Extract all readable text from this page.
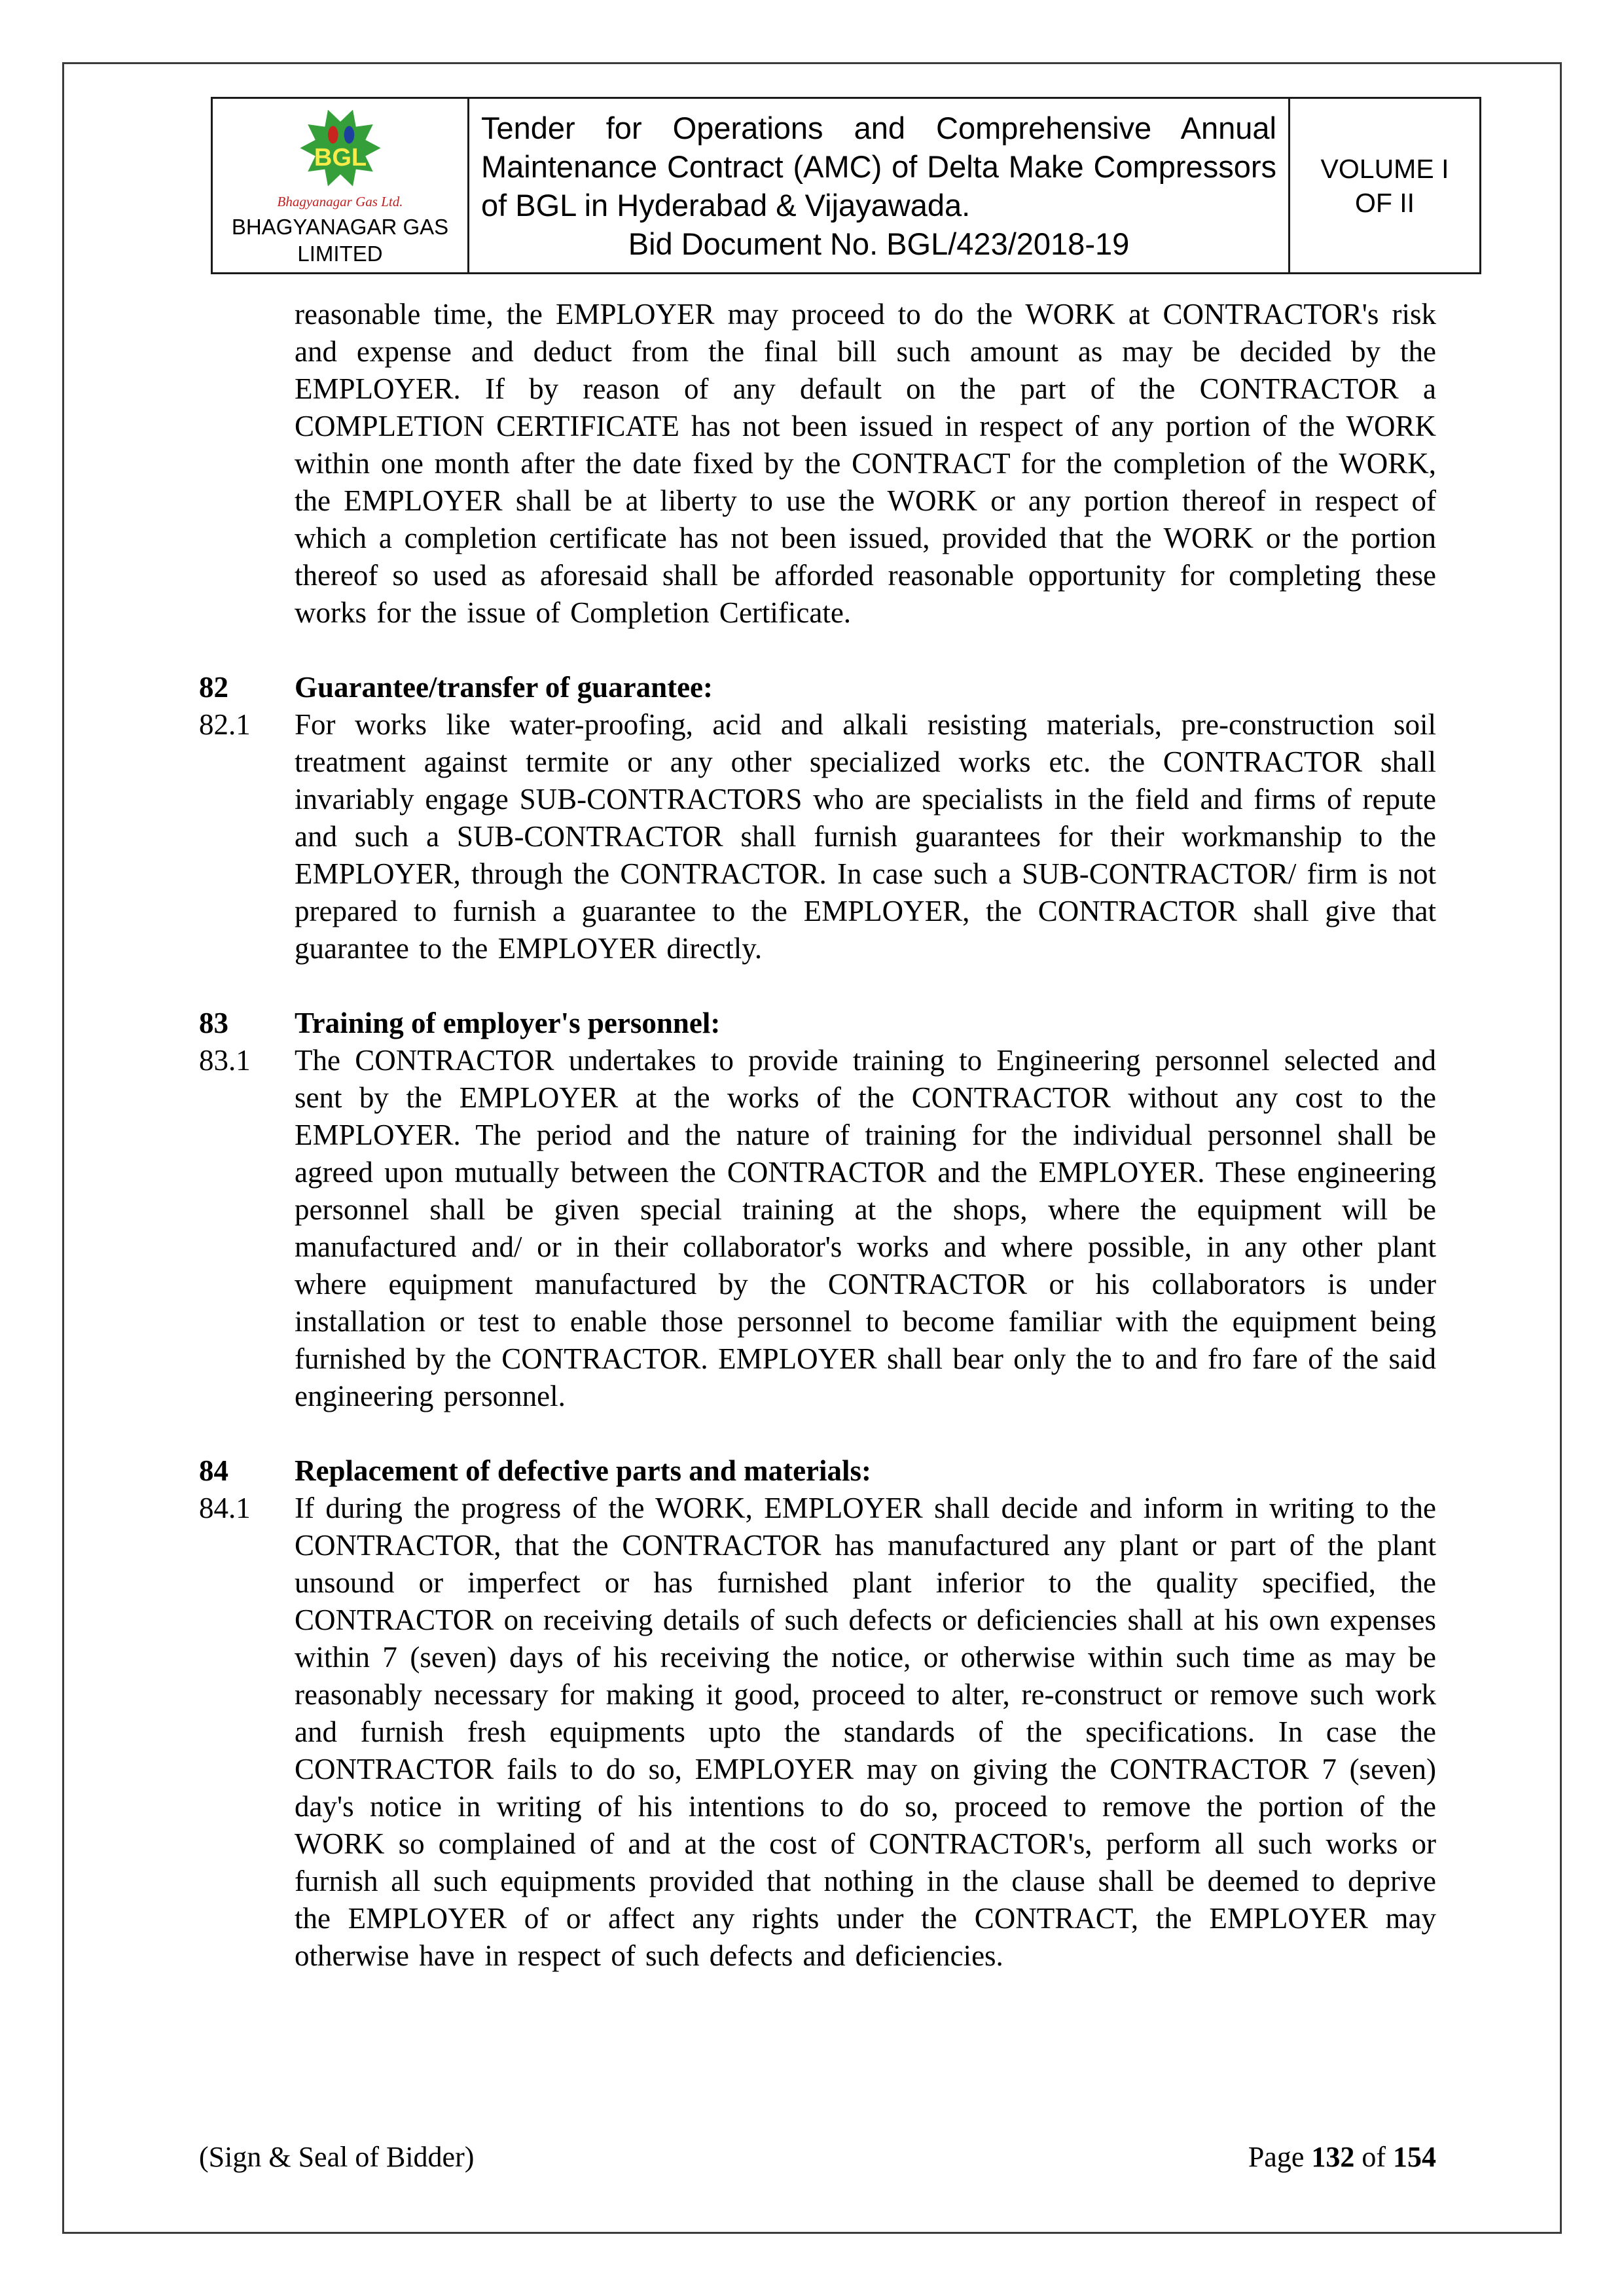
BGL
Bhagyanagar Gas Ltd.
BHAGYANAGAR GAS
LIMITED

Tender for Operations and Comprehensive Annual Maintenance Contract (AMC) of Delta Make Compressors of BGL in Hyderabad & Vijayawada.
Bid Document No. BGL/423/2018-19

VOLUME I
OF II
reasonable time, the EMPLOYER may proceed to do the WORK at CONTRACTOR's risk and expense and deduct from the final bill such amount as may be decided by the EMPLOYER. If by reason of any default on the part of the CONTRACTOR a COMPLETION CERTIFICATE has not been issued in respect of any portion of the WORK within one month after the date fixed by the CONTRACT for the completion of the WORK, the EMPLOYER shall be at liberty to use the WORK or any portion thereof in respect of which a completion certificate has not been issued, provided that the WORK or the portion thereof so used as aforesaid shall be afforded reasonable opportunity for completing these works for the issue of Completion Certificate.
82	Guarantee/transfer of guarantee:
82.1	For works like water-proofing, acid and alkali resisting materials, pre-construction soil treatment against termite or any other specialized works etc. the CONTRACTOR shall invariably engage SUB-CONTRACTORS who are specialists in the field and firms of repute and such a SUB-CONTRACTOR shall furnish guarantees for their workmanship to the EMPLOYER, through the CONTRACTOR. In case such a SUB-CONTRACTOR/ firm is not prepared to furnish a guarantee to the EMPLOYER, the CONTRACTOR shall give that guarantee to the EMPLOYER directly.
83	Training of employer's personnel:
83.1	The CONTRACTOR undertakes to provide training to Engineering personnel selected and sent by the EMPLOYER at the works of the CONTRACTOR without any cost to the EMPLOYER. The period and the nature of training for the individual personnel shall be agreed upon mutually between the CONTRACTOR and the EMPLOYER. These engineering personnel shall be given special training at the shops, where the equipment will be manufactured and/ or in their collaborator's works and where possible, in any other plant where equipment manufactured by the CONTRACTOR or his collaborators is under installation or test to enable those personnel to become familiar with the equipment being furnished by the CONTRACTOR. EMPLOYER shall bear only the to and fro fare of the said engineering personnel.
84	Replacement of defective parts and materials:
84.1	If during the progress of the WORK, EMPLOYER shall decide and inform in writing to the CONTRACTOR, that the CONTRACTOR has manufactured any plant or part of the plant unsound or imperfect or has furnished plant inferior to the quality specified, the CONTRACTOR on receiving details of such defects or deficiencies shall at his own expenses within 7 (seven) days of his receiving the notice, or otherwise within such time as may be reasonably necessary for making it good, proceed to alter, re-construct or remove such work and furnish fresh equipments upto the standards of the specifications. In case the CONTRACTOR fails to do so, EMPLOYER may on giving the CONTRACTOR 7 (seven) day's notice in writing of his intentions to do so, proceed to remove the portion of the WORK so complained of and at the cost of CONTRACTOR's, perform all such works or furnish all such equipments provided that nothing in the clause shall be deemed to deprive the EMPLOYER of or affect any rights under the CONTRACT, the EMPLOYER may otherwise have in respect of such defects and deficiencies.
(Sign & Seal of Bidder)	Page 132 of 154
